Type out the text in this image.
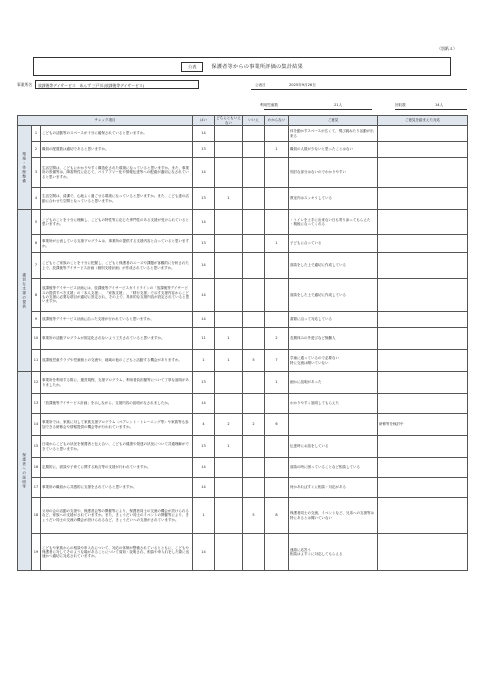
（別紙４）
公表	保護者等からの事業所評価の集計結果
事業所名	放課後等デイサービス　あんず 三戸川(放課後等デイサービス)	公表日	2025年9月26日
利用児童数	21人	回収数	14人
チェック項目			はい	どちらともいえない	いいえ	わからない	ご意見	ご意見を踏まえた対応
環境・体制整備	1	こどもの活動等のスペースが十分に確保されていると思いますか。	14				体を動かすスペースが広くて、飛び跳ねたり活動が出来る	
	2	職員の配置数は適切であると思いますか。	13			1	職員の人数が少ないと思ったことはない	
	3	生活空間は、こどもにわかりやすく構造化された環境になっていると思いますか。また、事業所の設備等は、障害特性に応じて、バリアフリー化や情報伝達等への配慮が適切になされていると思いますか。	14				別討な部分はないのでわかりやすい	
	4	生活空間は、清潔で、心地よく過ごせる環境になっていると思いますか。また、こども達の活動に合わせた空間となっていると思いますか。	13	1			教室内はスッキリしている	
適切な支援の提供	5	こどものことを十分に理解し、こどもの特性等に応じた専門性のある支援が受けられていると思いますか。	14				・トイレを上手に出来ない日も寄り添ってもらえた
・親睦になってくれる	
	6	事業所が公表している支援プログラムは、事業所の提供する支援内容と合っていると思いますか。	13			1	子どもに合っている	
	7	こどもとご家族のことを十分に把握し、こどもと保護者のニーズや課題が客観的に分析された上で、放課後等デイサービス計画（個別支援計画）が作成されていると思いますか。	14				面談をした上で適切に作成している	
	8	放課後等デイサービス計画には、放課後等デイサービスガイドラインの「放課後等デイサービスの提供すべき支援」の「本人支援」、「家族支援」、「移行支援」で示す支援内容からこどもの支援に必要な項目が適切に設定され、その上で、具体的な支援内容が設定されていると思いますか。	14				面談をした上で適切に作成している	
	9	放課後等デイサービス計画に沿った支援が行われていると思いますか。	14				書類に沿って対応している	
	10	事業所の活動プログラムが固定化されないよう工夫されていると思いますか。	11	1		2	長期休みの外遊びなど無難人	
	11	放課後児童クラブや児童館との交流や、地域の他のこどもと活動する機会がありますか。	1	1	5	7	学童に通っているので必要ない
特に交流は聞いていない	
保護者への説明等	12	事業所を利用する際に、運営規程、支援プログラム、利用者負担額等について丁寧な説明がありましたか。	13			1	細かに説明があった	
	13	「放課後等デイサービス計画」を示しながら、支援内容の説明がなされましたか。	14				わかりやすく説明してもらえた	
	14	事業所では、家族に対して家族支援プログラム（ペアレント・トレーニング等）や家族等も参加できる研修会や情報提供の機会等が行われていますか。	4	2	2	6		研修等を検討中
	15	日頃からこどもの状況を保護者と伝え合い、こどもの健康や発達の状況について共通理解ができていると思いますか。	13	1			伝達時にお話をしている	
	16	定期的に、面談や子育てに関する助言等の支援が行われていますか。	14				面談の時に困っていることなど相談している	
	17	事業所の職員から共感的に支援をされていると思いますか。	14				何かあればすぐに相談・対応がある	
	18	父母の会の活動の支援や、保護者会等の開催等により、保護者同士の交流の機会が設けられるなど、家族への支援がされていますか。また、きょうだい同士のイベントの開催等により、きょうだい同士の交流の機会が設けられるなど、きょうだいへの支援がされていますか。	1		5	8	保護者同士の交流、イベントなど、兄弟への支援等は特にあるとは聞いていない	
	19	こどもや家族からの相談や申入れについて、対応の体制が整備されているとともに、こどもや保護者に対してそのような場があることについて周知・説明され、相談や申入れをした際に迅速かつ適切に対応されていますか。	14				連絡に応答う
相談はよすぐに対応してもらえる	
